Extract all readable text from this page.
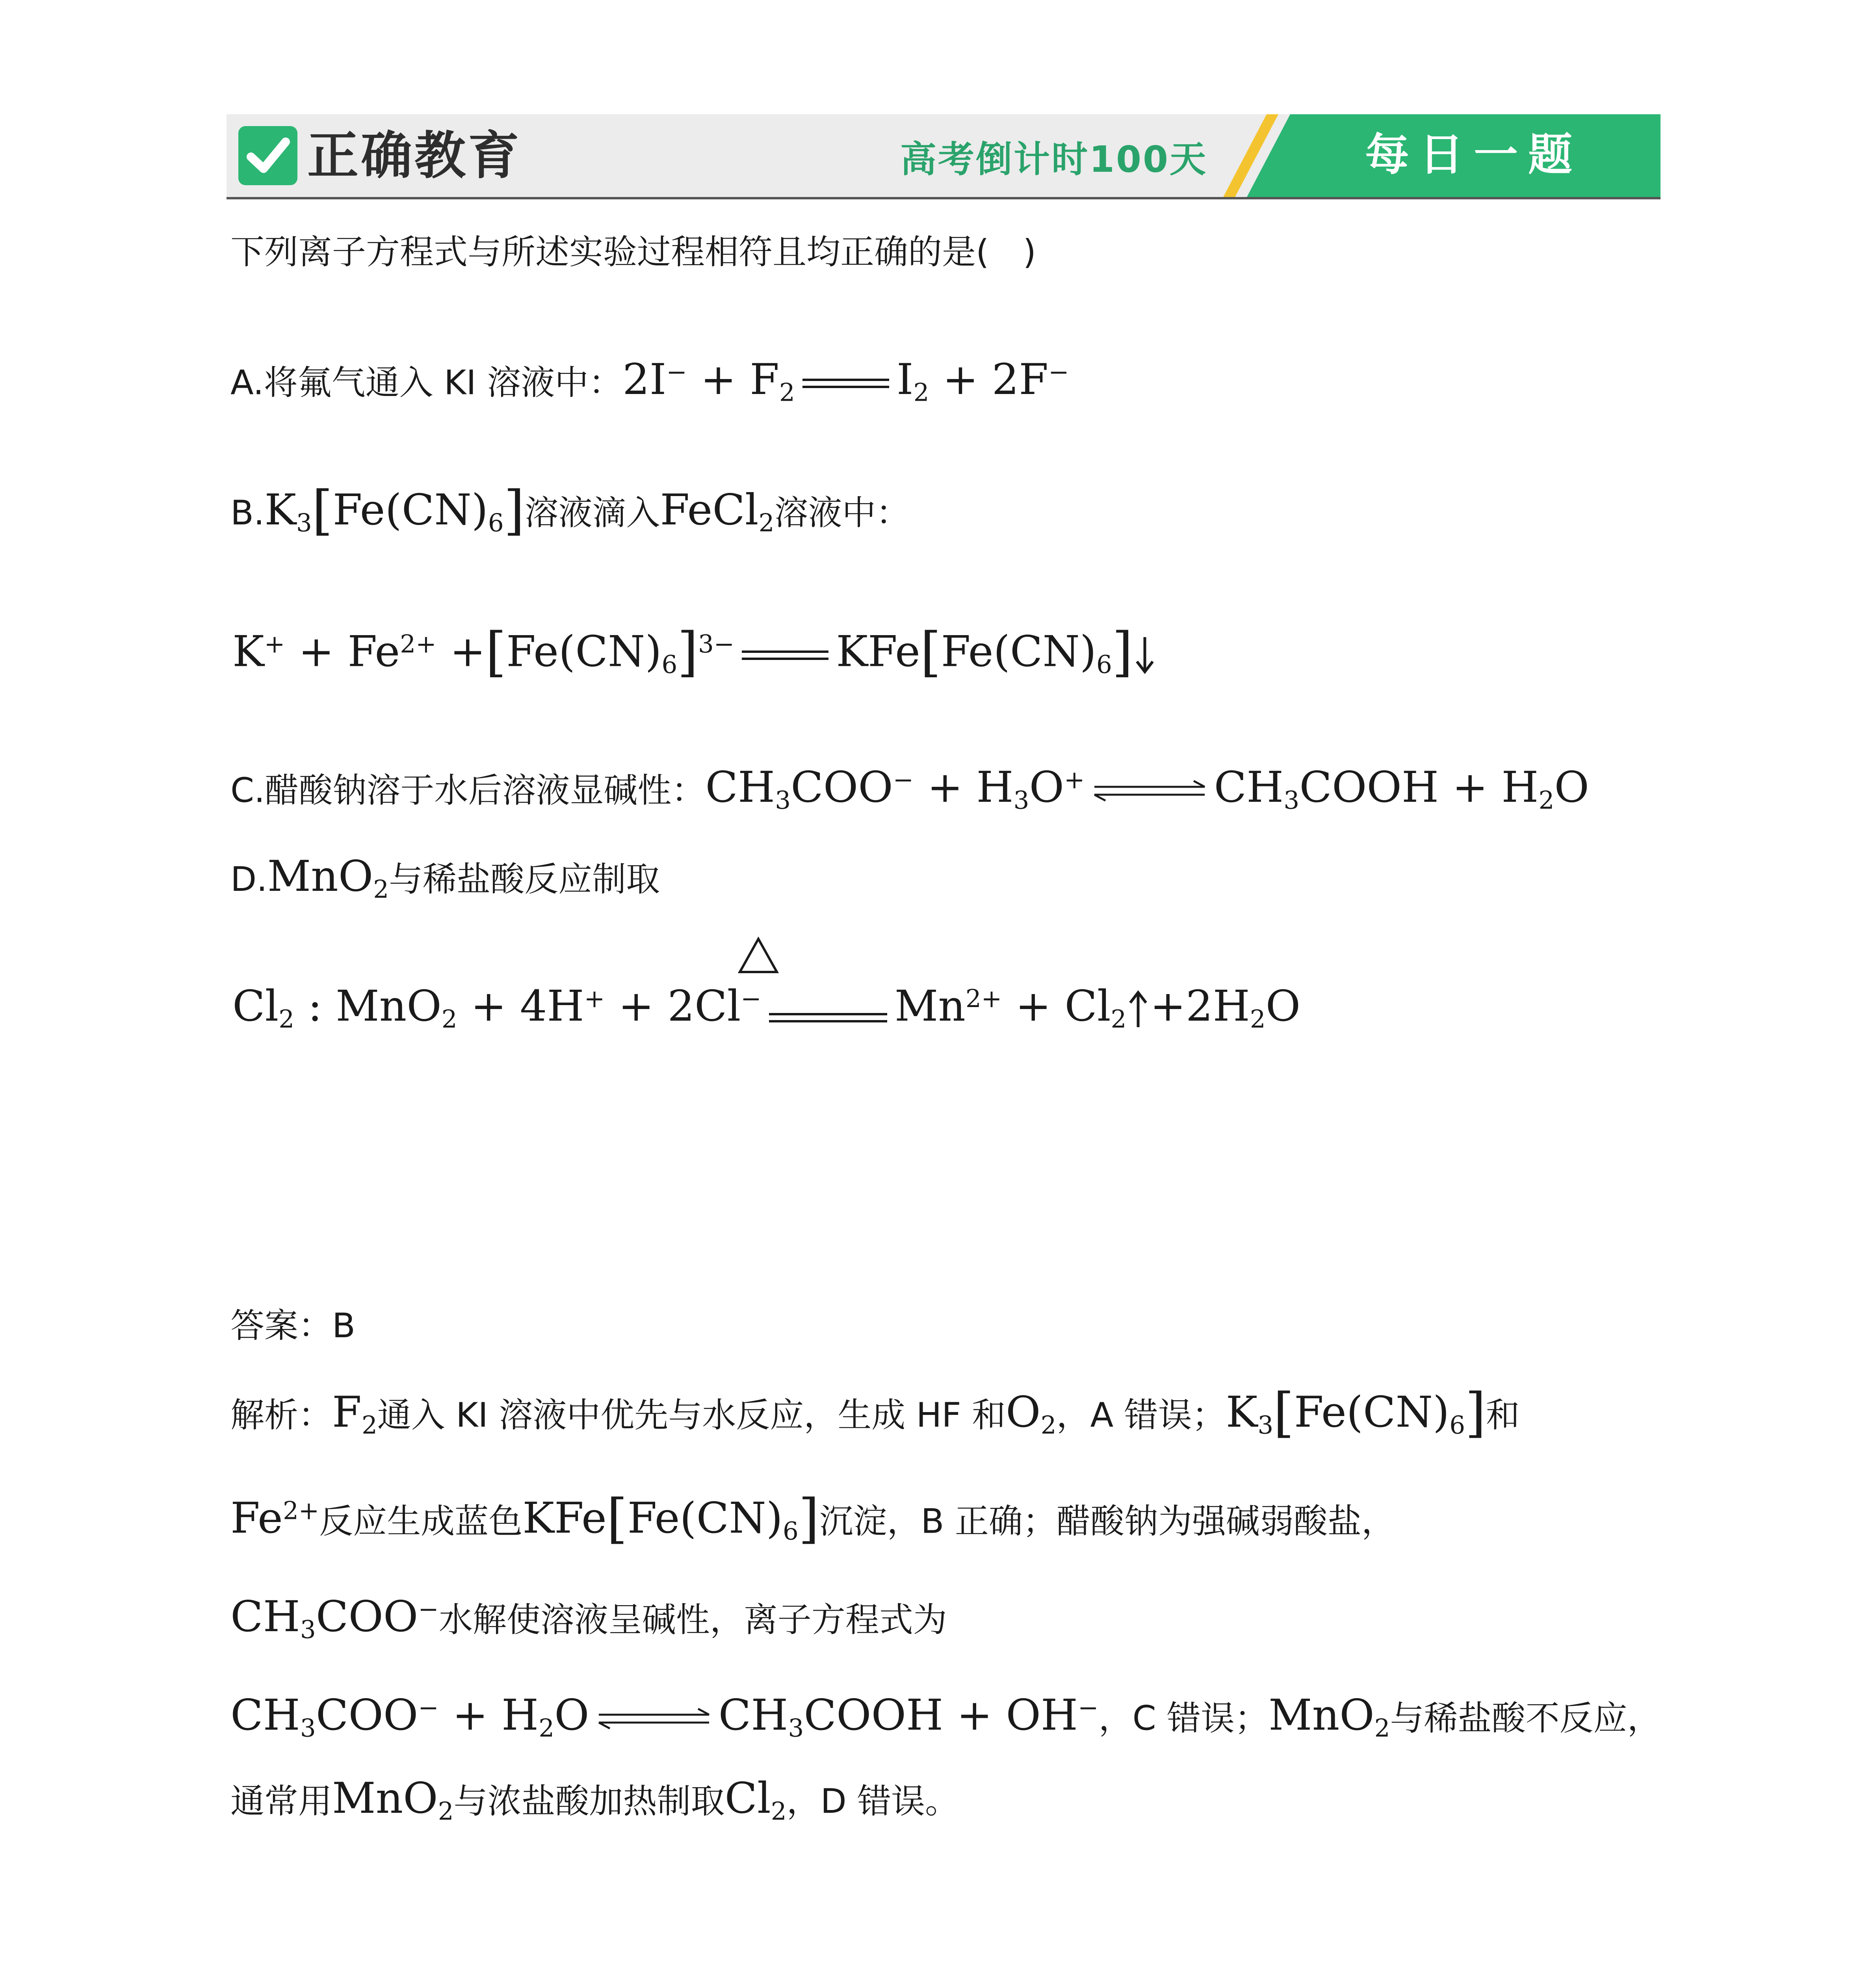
正确教育	高考倒计时100天	每日一题
下列离子方程式与所述实验过程相符且均正确的是(　)
A.将氟气通入 KI 溶液中：$2I^- + F_2$ $I_2 + 2F^-$
$B.K_3[Fe(CN)_6]$溶液滴入FeCl$_2$溶液中：
$K^+ + Fe^{2+} +[Fe(CN)_6]^{3-}$ $KFe[Fe(CN)_6]$
C.醋酸钠溶于水后溶液显碱性：$CH_3COO^- + H_3O^+$ ⇌ $CH_3COOH + H_2O$
D.MnO$_2$与稀盐酸反应制取
$Cl_2$ : MnO$_2$ + 4H+ + 2Cl−	$Mn^{2+} + Cl_2 +2H_2O$
答案：B
解析：$F_2$通入 KI 溶液中优先与水反应，生成 HF 和$O_2$，A 错误；$K_3[Fe(CN)_6]$和
$Fe^{2+}$反应生成蓝色$KFe[Fe(CN)_6]$沉淀，B 正确；醋酸钠为强碱弱酸盐，
$CH_3COO^-$水解使溶液呈碱性，离子方程式为
$CH_3COO^- + H_2O$ ⇌ $CH_3COOH + OH^-$，C 错误；MnO$_2$与稀盐酸不反应，
通常用MnO$_2$与浓盐酸加热制取$Cl_2$，D 错误。
